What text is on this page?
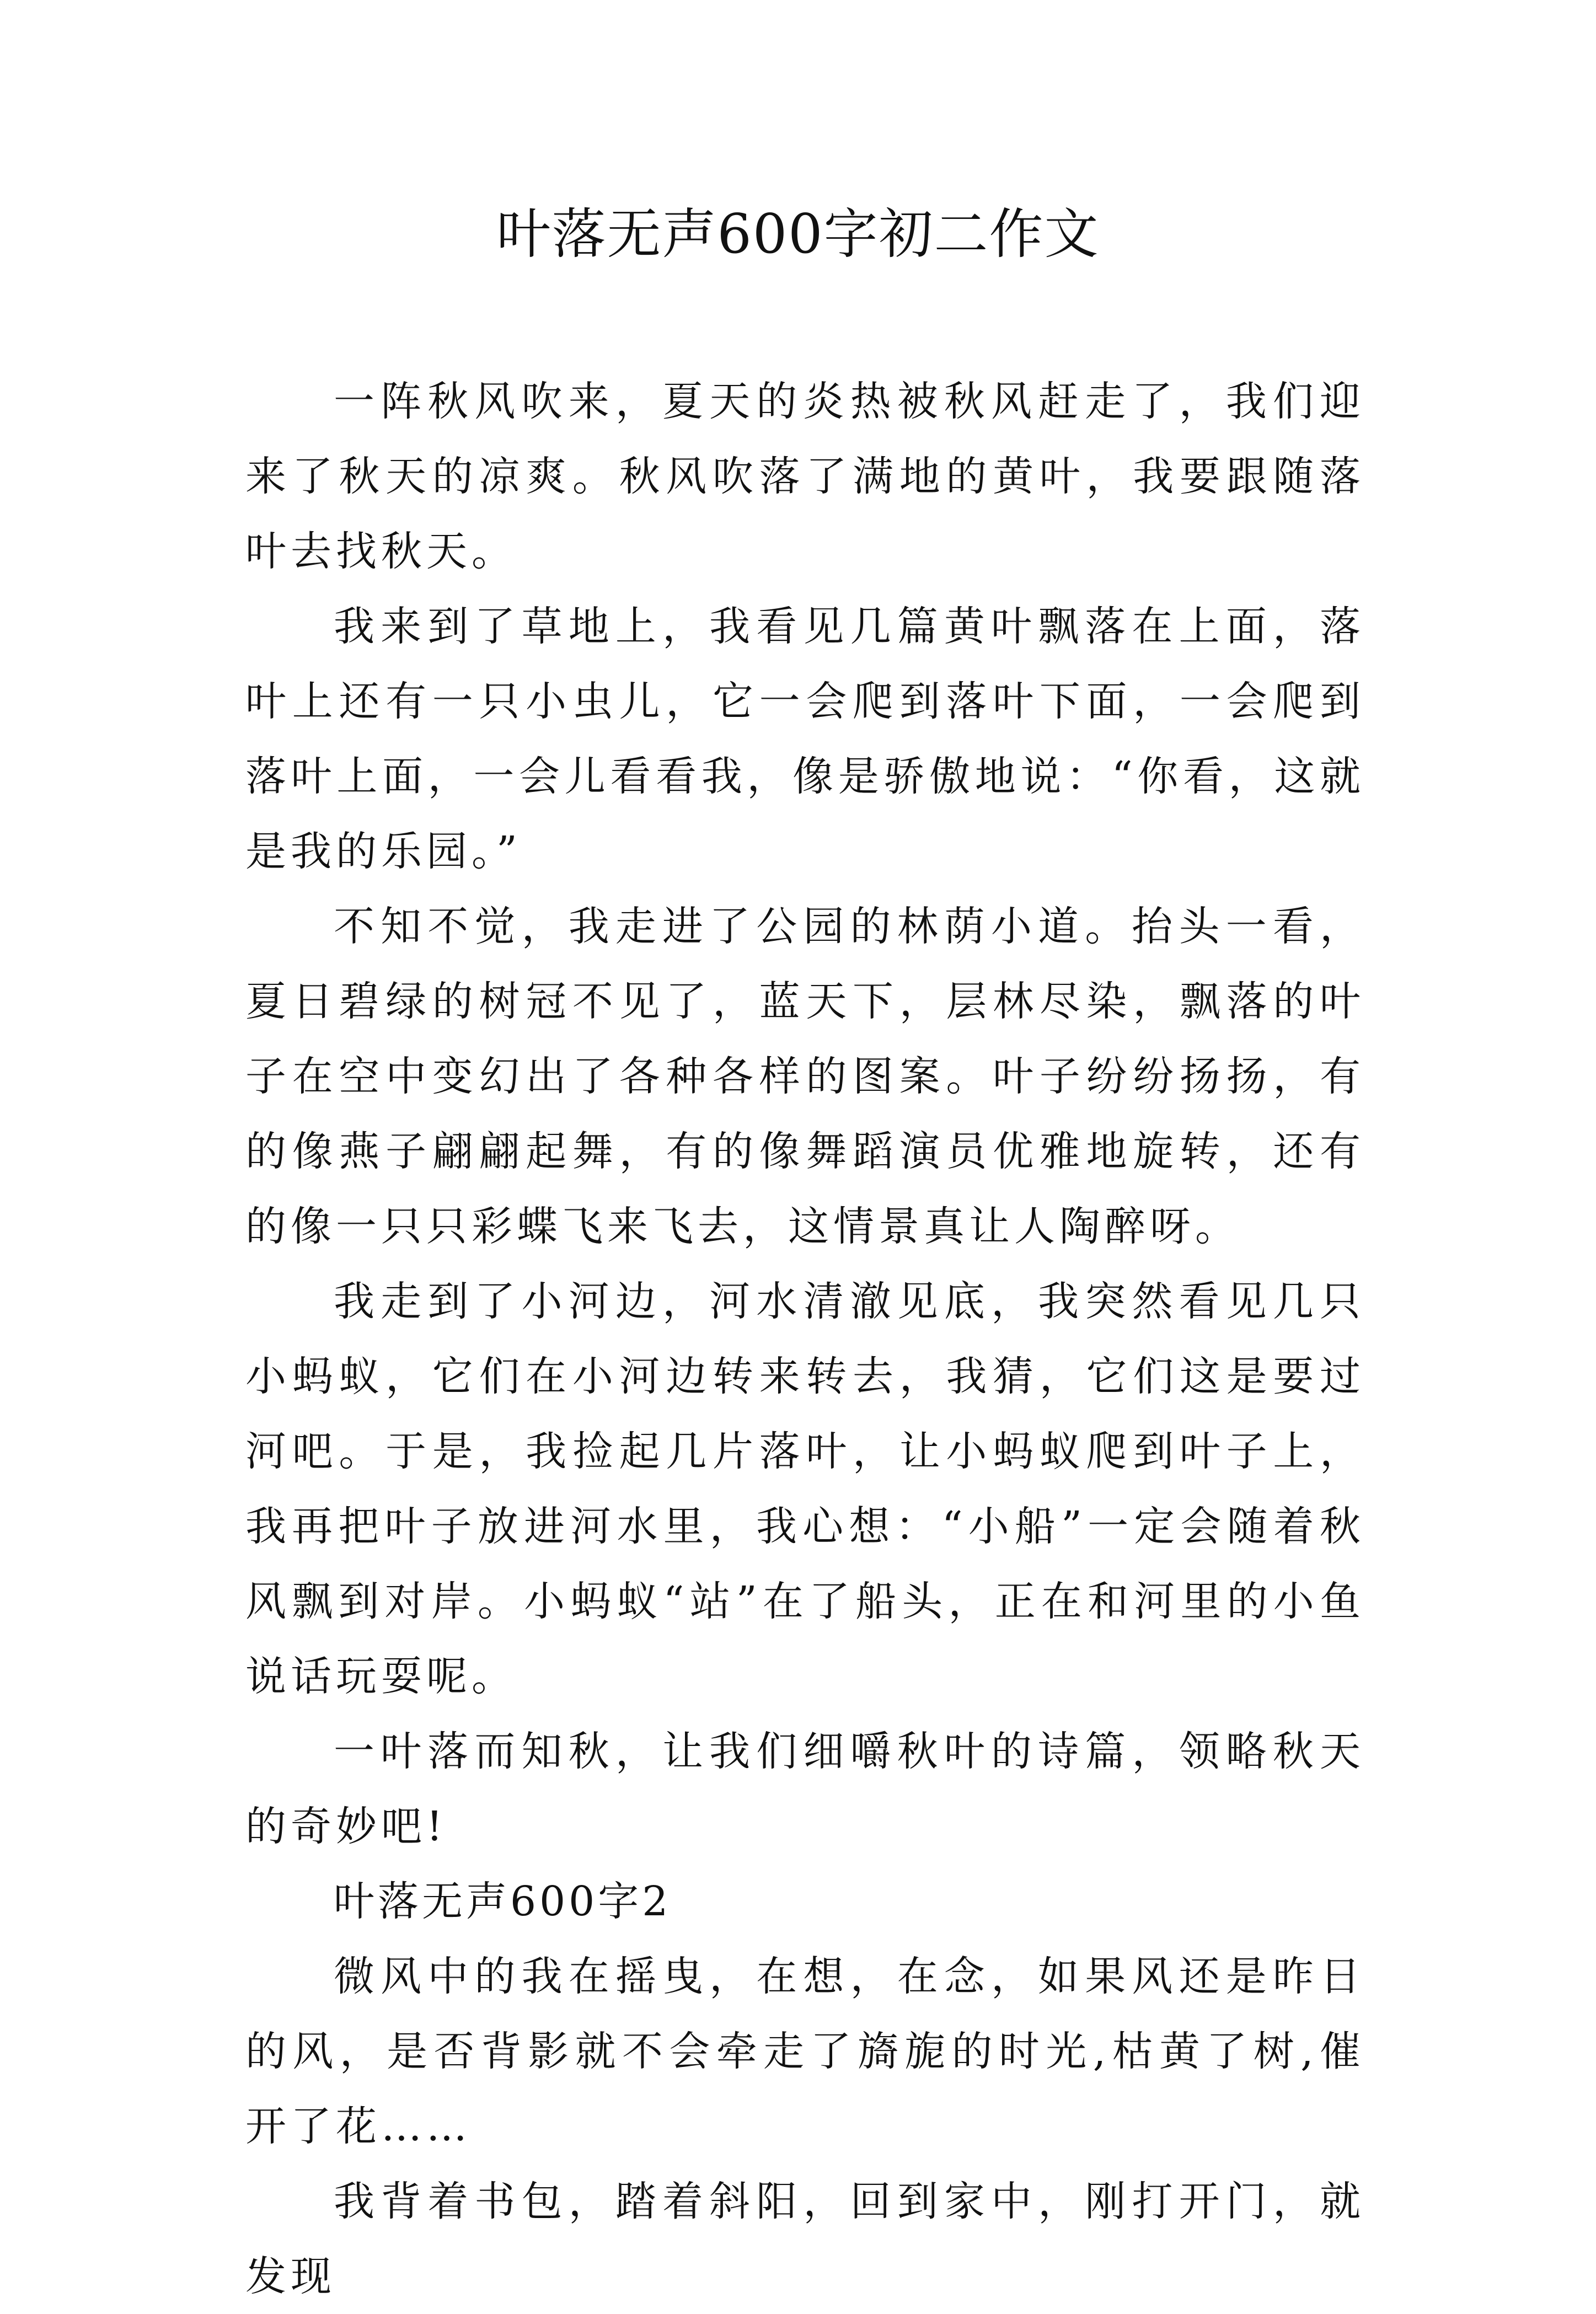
叶落无声600字初二作文

一阵秋风吹来，夏天的炎热被秋风赶走了，我们迎来了秋天的凉爽。秋风吹落了满地的黄叶，我要跟随落叶去找秋天。

我来到了草地上，我看见几篇黄叶飘落在上面，落叶上还有一只小虫儿，它一会爬到落叶下面，一会爬到落叶上面，一会儿看看我，像是骄傲地说：“你看，这就是我的乐园。”

不知不觉，我走进了公园的林荫小道。抬头一看，夏日碧绿的树冠不见了，蓝天下，层林尽染，飘落的叶子在空中变幻出了各种各样的图案。叶子纷纷扬扬，有的像燕子翩翩起舞，有的像舞蹈演员优雅地旋转，还有的像一只只彩蝶飞来飞去，这情景真让人陶醉呀。

我走到了小河边，河水清澈见底，我突然看见几只小蚂蚁，它们在小河边转来转去，我猜，它们这是要过河吧。于是，我捡起几片落叶，让小蚂蚁爬到叶子上，我再把叶子放进河水里，我心想：“小船”一定会随着秋风飘到对岸。小蚂蚁“站”在了船头，正在和河里的小鱼说话玩耍呢。

一叶落而知秋，让我们细嚼秋叶的诗篇，领略秋天的奇妙吧!

叶落无声600字2

微风中的我在摇曳，在想，在念，如果风还是昨日的风，是否背影就不会牵走了旖旎的时光,枯黄了树,催开了花……

我背着书包，踏着斜阳，回到家中，刚打开门，就发现
